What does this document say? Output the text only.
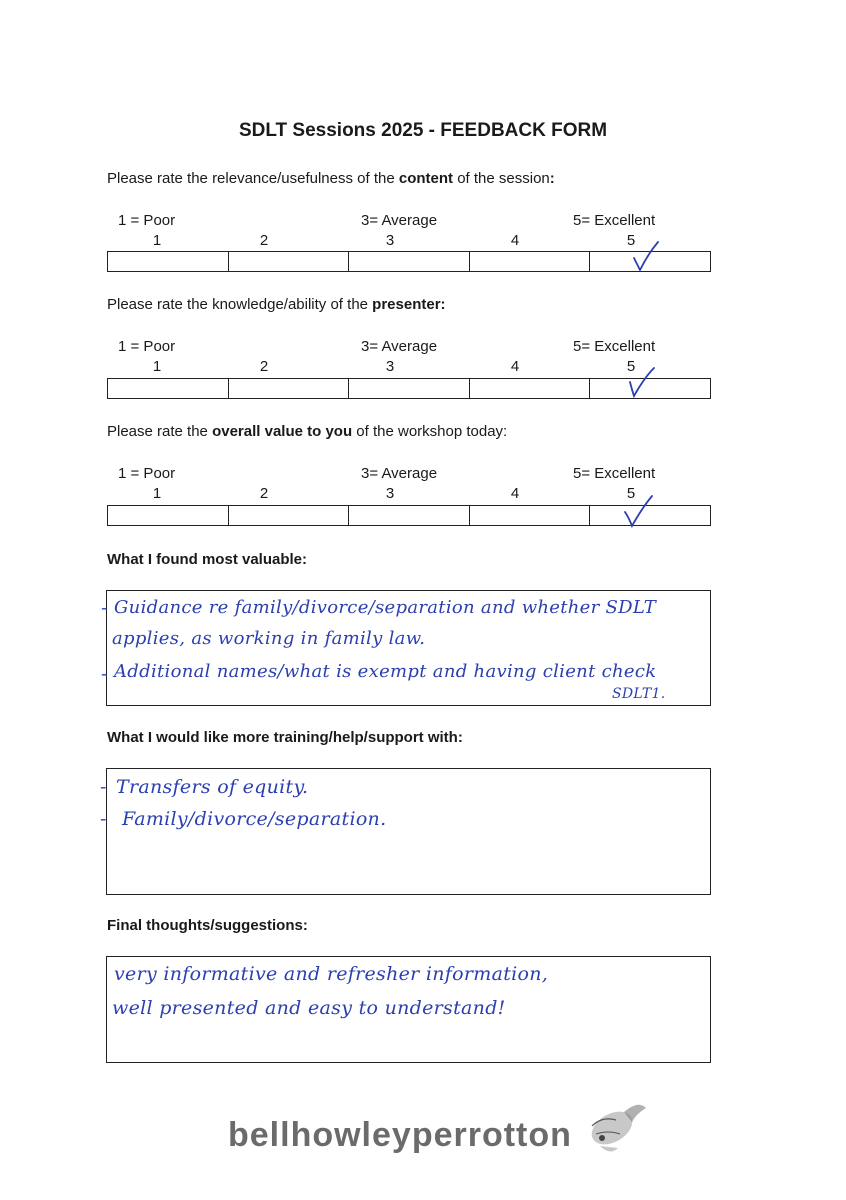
SDLT Sessions 2025 - FEEDBACK FORM
Please rate the relevance/usefulness of the content of the session:
1 = Poor	3= Average	5= Excellent
1	2	3	4	5
Please rate the knowledge/ability of the presenter:
1 = Poor	3= Average	5= Excellent
1	2	3	4	5
Please rate the overall value to you of the workshop today:
1 = Poor	3= Average	5= Excellent
1	2	3	4	5
What I found most valuable:
- Guidance re family/divorce/separation and whether SDLT
applies, as working in family law.
- Additional names/what is exempt and having client check
SDLT1.
What I would like more training/help/support with:
- Transfers of equity.
- Family/divorce/separation.
Final thoughts/suggestions:
very informative and refresher information,
well presented and easy to understand!
bellhowleyperrotton
